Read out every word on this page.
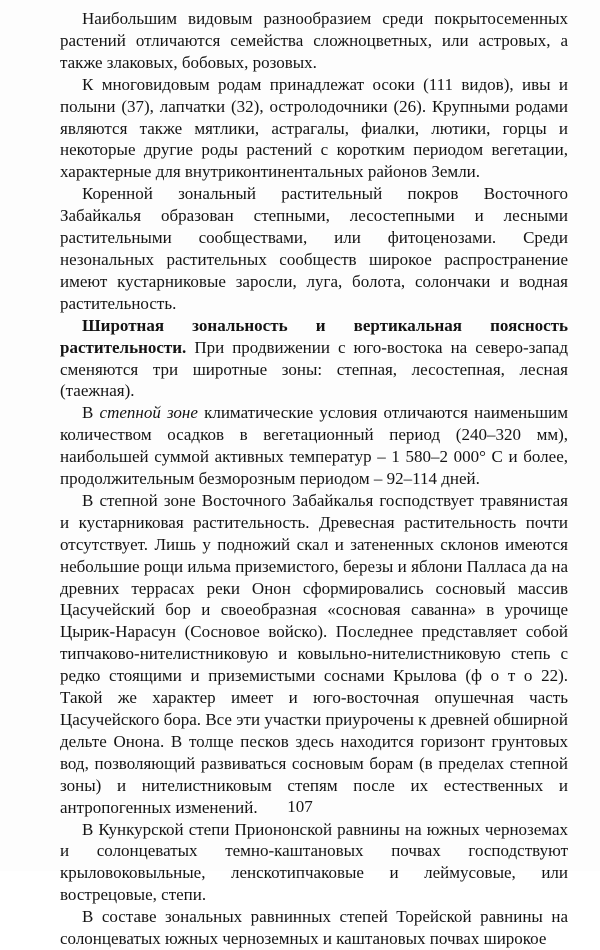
Наибольшим видовым разнообразием среди покрытосеменных растений отличаются семейства сложноцветных, или астровых, а также злаковых, бобовых, розовых.

К многовидовым родам принадлежат осоки (111 видов), ивы и полыни (37), лапчатки (32), остролодочники (26). Крупными родами являются также мятлики, астрагалы, фиалки, лютики, горцы и некоторые другие роды растений с коротким периодом вегетации, характерные для внутриконтинентальных районов Земли.

Коренной зональный растительный покров Восточного Забайкалья образован степными, лесостепными и лесными растительными сообществами, или фитоценозами. Среди незональных растительных сообществ широкое распространение имеют кустарниковые заросли, луга, болота, солончаки и водная растительность.

Широтная зональность и вертикальная поясность растительности. При продвижении с юго-востока на северо-запад сменяются три широтные зоны: степная, лесостепная, лесная (таежная).

В степной зоне климатические условия отличаются наименьшим количеством осадков в вегетационный период (240–320 мм), наибольшей суммой активных температур – 1 580–2 000° С и более, продолжительным безморозным периодом – 92–114 дней.

В степной зоне Восточного Забайкалья господствует травянистая и кустарниковая растительность. Древесная растительность почти отсутствует. Лишь у подножий скал и затененных склонов имеются небольшие рощи ильма приземистого, березы и яблони Палласа да на древних террасах реки Онон сформировались сосновый массив Цасучейский бор и своеобразная «сосновая саванна» в урочище Цырик-Нарасун (Сосновое войско). Последнее представляет собой типчаково-нителистниковую и ковыльно-нителистниковую степь с редко стоящими и приземистыми соснами Крылова (ф о т о 22). Такой же характер имеет и юго-восточная опушечная часть Цасучейского бора. Все эти участки приурочены к древней обширной дельте Онона. В толще песков здесь находится горизонт грунтовых вод, позволяющий развиваться сосновым борам (в пределах степной зоны) и нителистниковым степям после их естественных и антропогенных изменений.

В Кункурской степи Приононской равнины на южных черноземах и солонцеватых темно-каштановых почвах господствуют крыловоковыльные, ленскотипчаковые и леймусовые, или вострецовые, степи.

В составе зональных равнинных степей Торейской равнины на солонцеватых южных черноземных и каштановых почвах широкое

107
